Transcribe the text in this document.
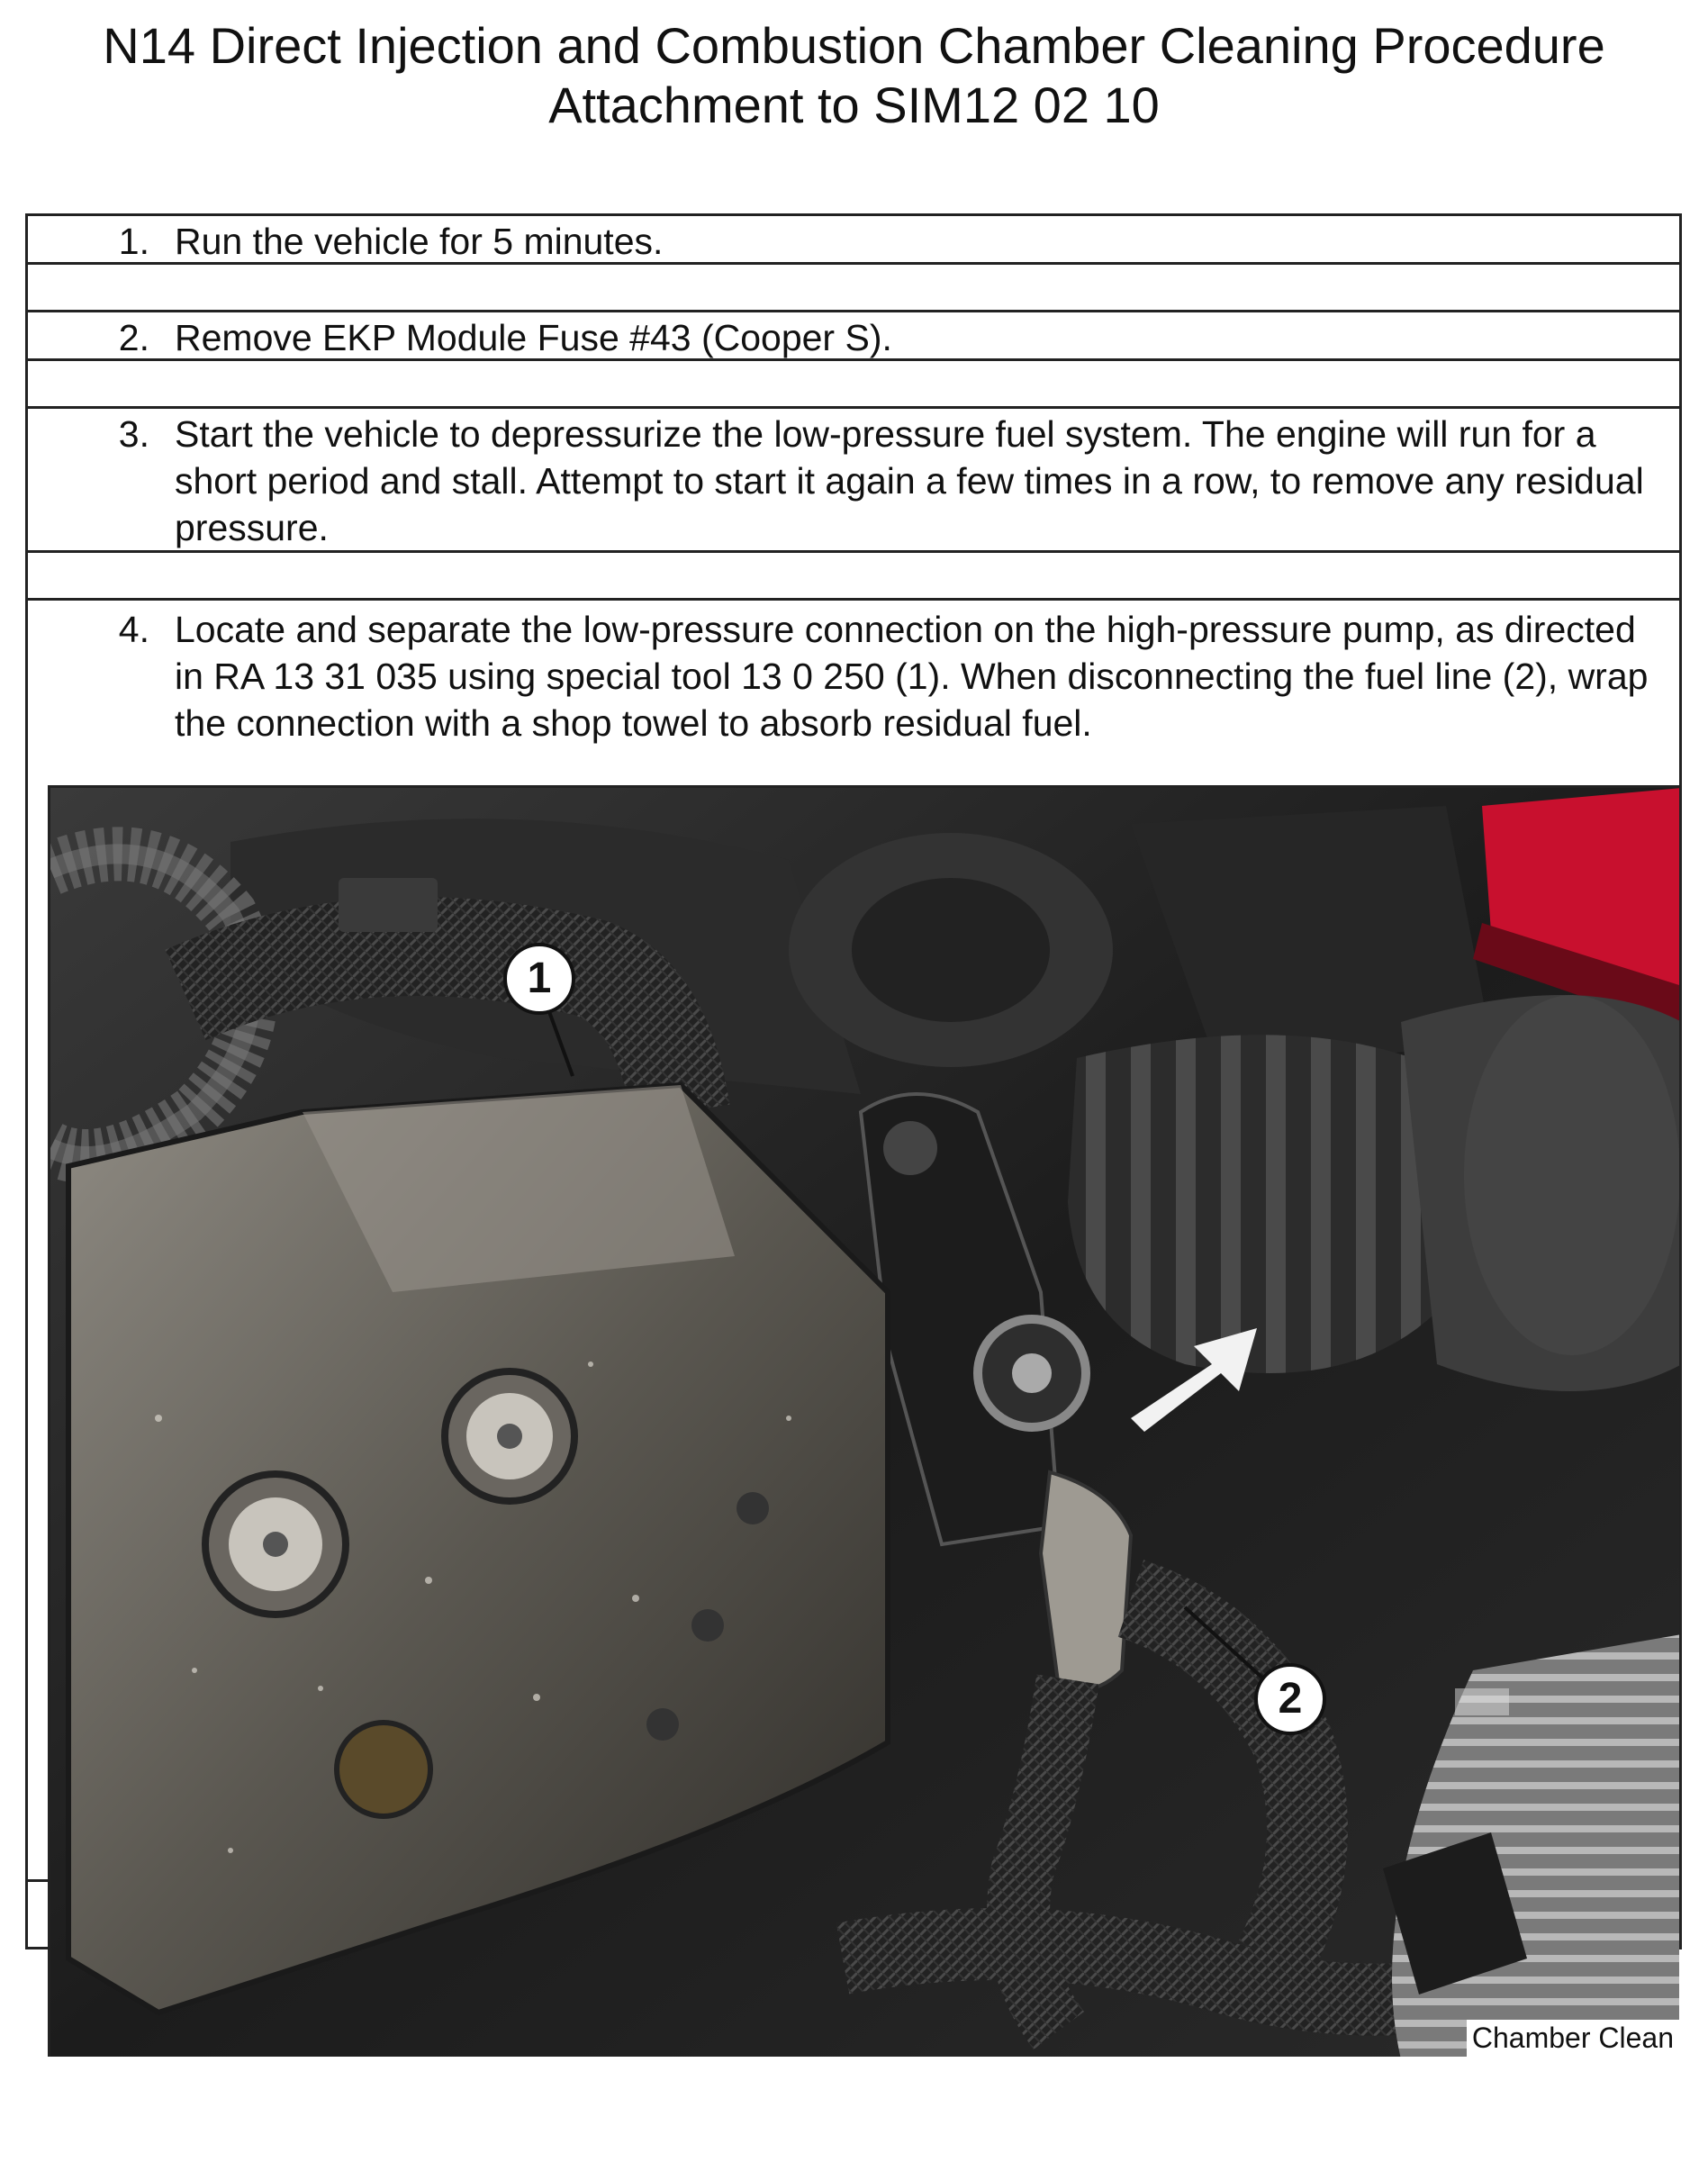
N14 Direct Injection and Combustion Chamber Cleaning Procedure
Attachment to SIM12 02 10
1. Run the vehicle for 5 minutes.
2. Remove EKP Module Fuse #43 (Cooper S).
3. Start the vehicle to depressurize the low-pressure fuel system. The engine will run for a short period and stall. Attempt to start it again a few times in a row, to remove any residual pressure.
4. Locate and separate the low-pressure connection on the high-pressure pump, as directed in RA 13 31 035 using special tool 13 0 250 (1). When disconnecting the fuel line (2), wrap the connection with a shop towel to absorb residual fuel.
1
2
Chamber Clean
